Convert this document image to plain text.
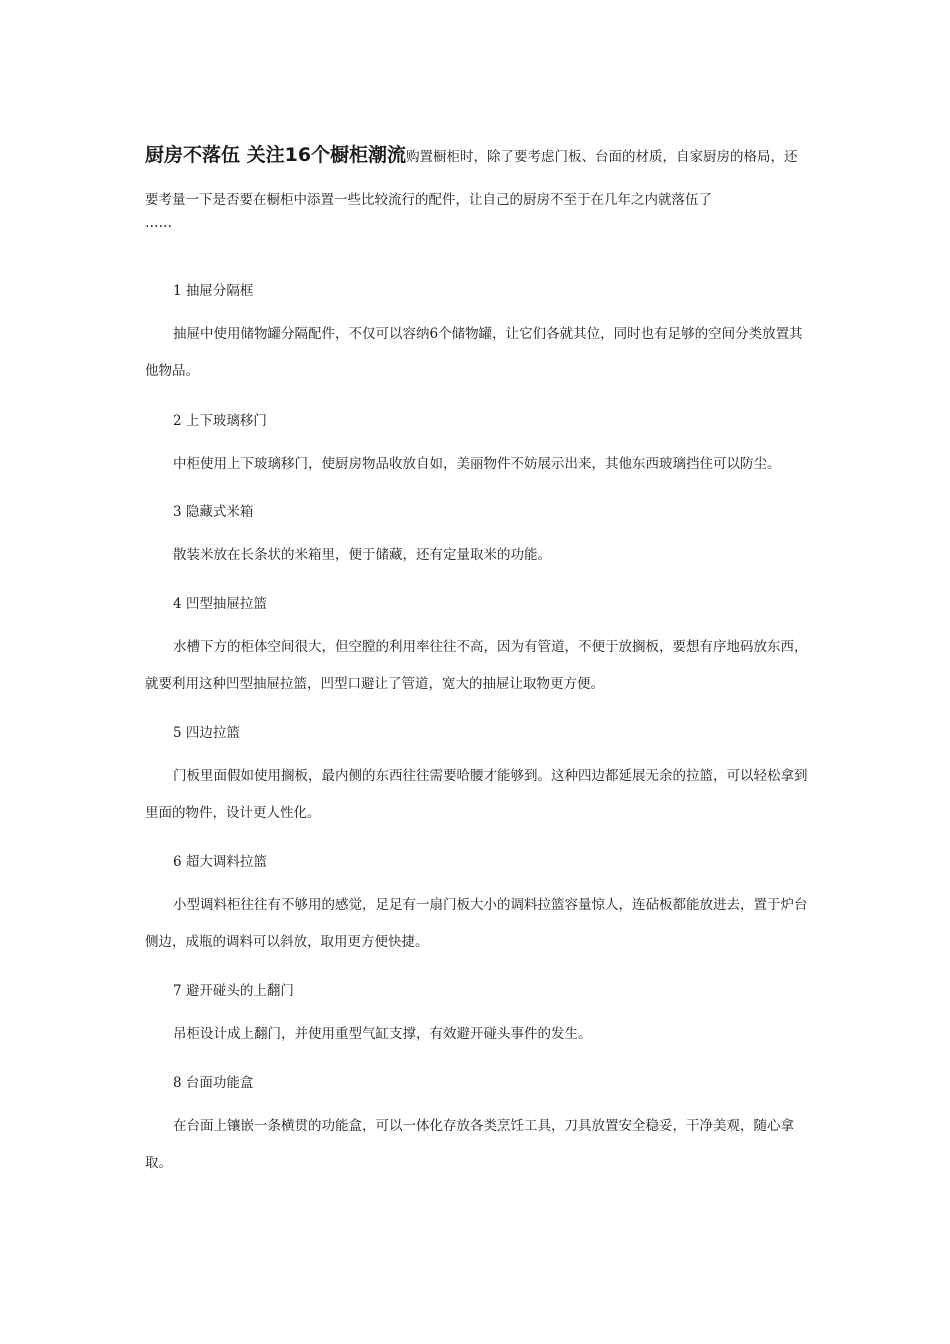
厨房不落伍 关注16个橱柜潮流购置橱柜时，除了要考虑门板、台面的材质，自家厨房的格局，还要考量一下是否要在橱柜中添置一些比较流行的配件，让自己的厨房不至于在几年之内就落伍了
……

1 抽屉分隔框

抽屉中使用储物罐分隔配件，不仅可以容纳6个储物罐，让它们各就其位，同时也有足够的空间分类放置其他物品。

2 上下玻璃移门

中柜使用上下玻璃移门，使厨房物品收放自如，美丽物件不妨展示出来，其他东西玻璃挡住可以防尘。

3 隐藏式米箱

散装米放在长条状的米箱里，便于储藏，还有定量取米的功能。

4 凹型抽屉拉篮

水槽下方的柜体空间很大，但空膛的利用率往往不高，因为有管道，不便于放搁板，要想有序地码放东西，就要利用这种凹型抽屉拉篮，凹型口避让了管道，宽大的抽屉让取物更方便。

5 四边拉篮

门板里面假如使用搁板，最内侧的东西往往需要哈腰才能够到。这种四边都延展无余的拉篮，可以轻松拿到里面的物件，设计更人性化。

6 超大调料拉篮

小型调料柜往往有不够用的感觉，足足有一扇门板大小的调料拉篮容量惊人，连砧板都能放进去，置于炉台侧边，成瓶的调料可以斜放，取用更方便快捷。

7 避开碰头的上翻门

吊柜设计成上翻门，并使用重型气缸支撑，有效避开碰头事件的发生。

8 台面功能盒

在台面上镶嵌一条横贯的功能盒，可以一体化存放各类烹饪工具，刀具放置安全稳妥，干净美观，随心拿取。
